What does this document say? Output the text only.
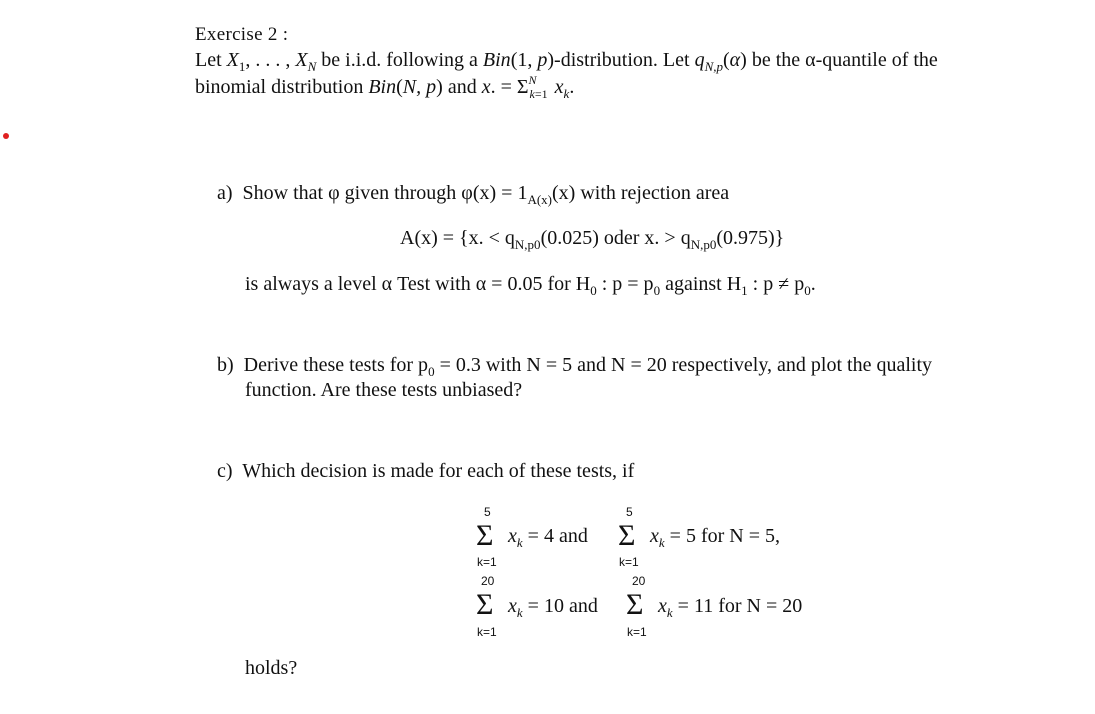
Exercise 2 :
Let $X_1$, . . . , $X_N$ be i.i.d. following a Bin(1, p)-distribution. Let $q_{N,p}(\alpha)$ be the α-quantile of the
binomial distribution Bin(N, p) and x. = $\Sigma^N_{k=1}$ $x_k$.
a) Show that φ given through $\varphi(x) = 1_{A(x)}(x)$ with rejection area
A(x) = {x. < $q_{N,p0}(0.025)$ oder x. > $q_{N,p0}(0.975)$}
is always a level α Test with α = 0.05 for $H_0$ : $p = p_0$ against $H_1$ : $p \ne p_0$.
b) Derive these tests for $p_0 = 0.3$ with N = 5 and N = 20 respectively, and plot the quality
function. Are these tests unbiased?
c) Which decision is made for each of these tests, if
5
Σ
k=1
$x_k = 4$ and
5
Σ
k=1
$x_k = 5$ for N = 5,
20
Σ
k=1
$x_k = 10$ and
20
Σ
k=1
$x_k = 11$ for N = 20
holds?
